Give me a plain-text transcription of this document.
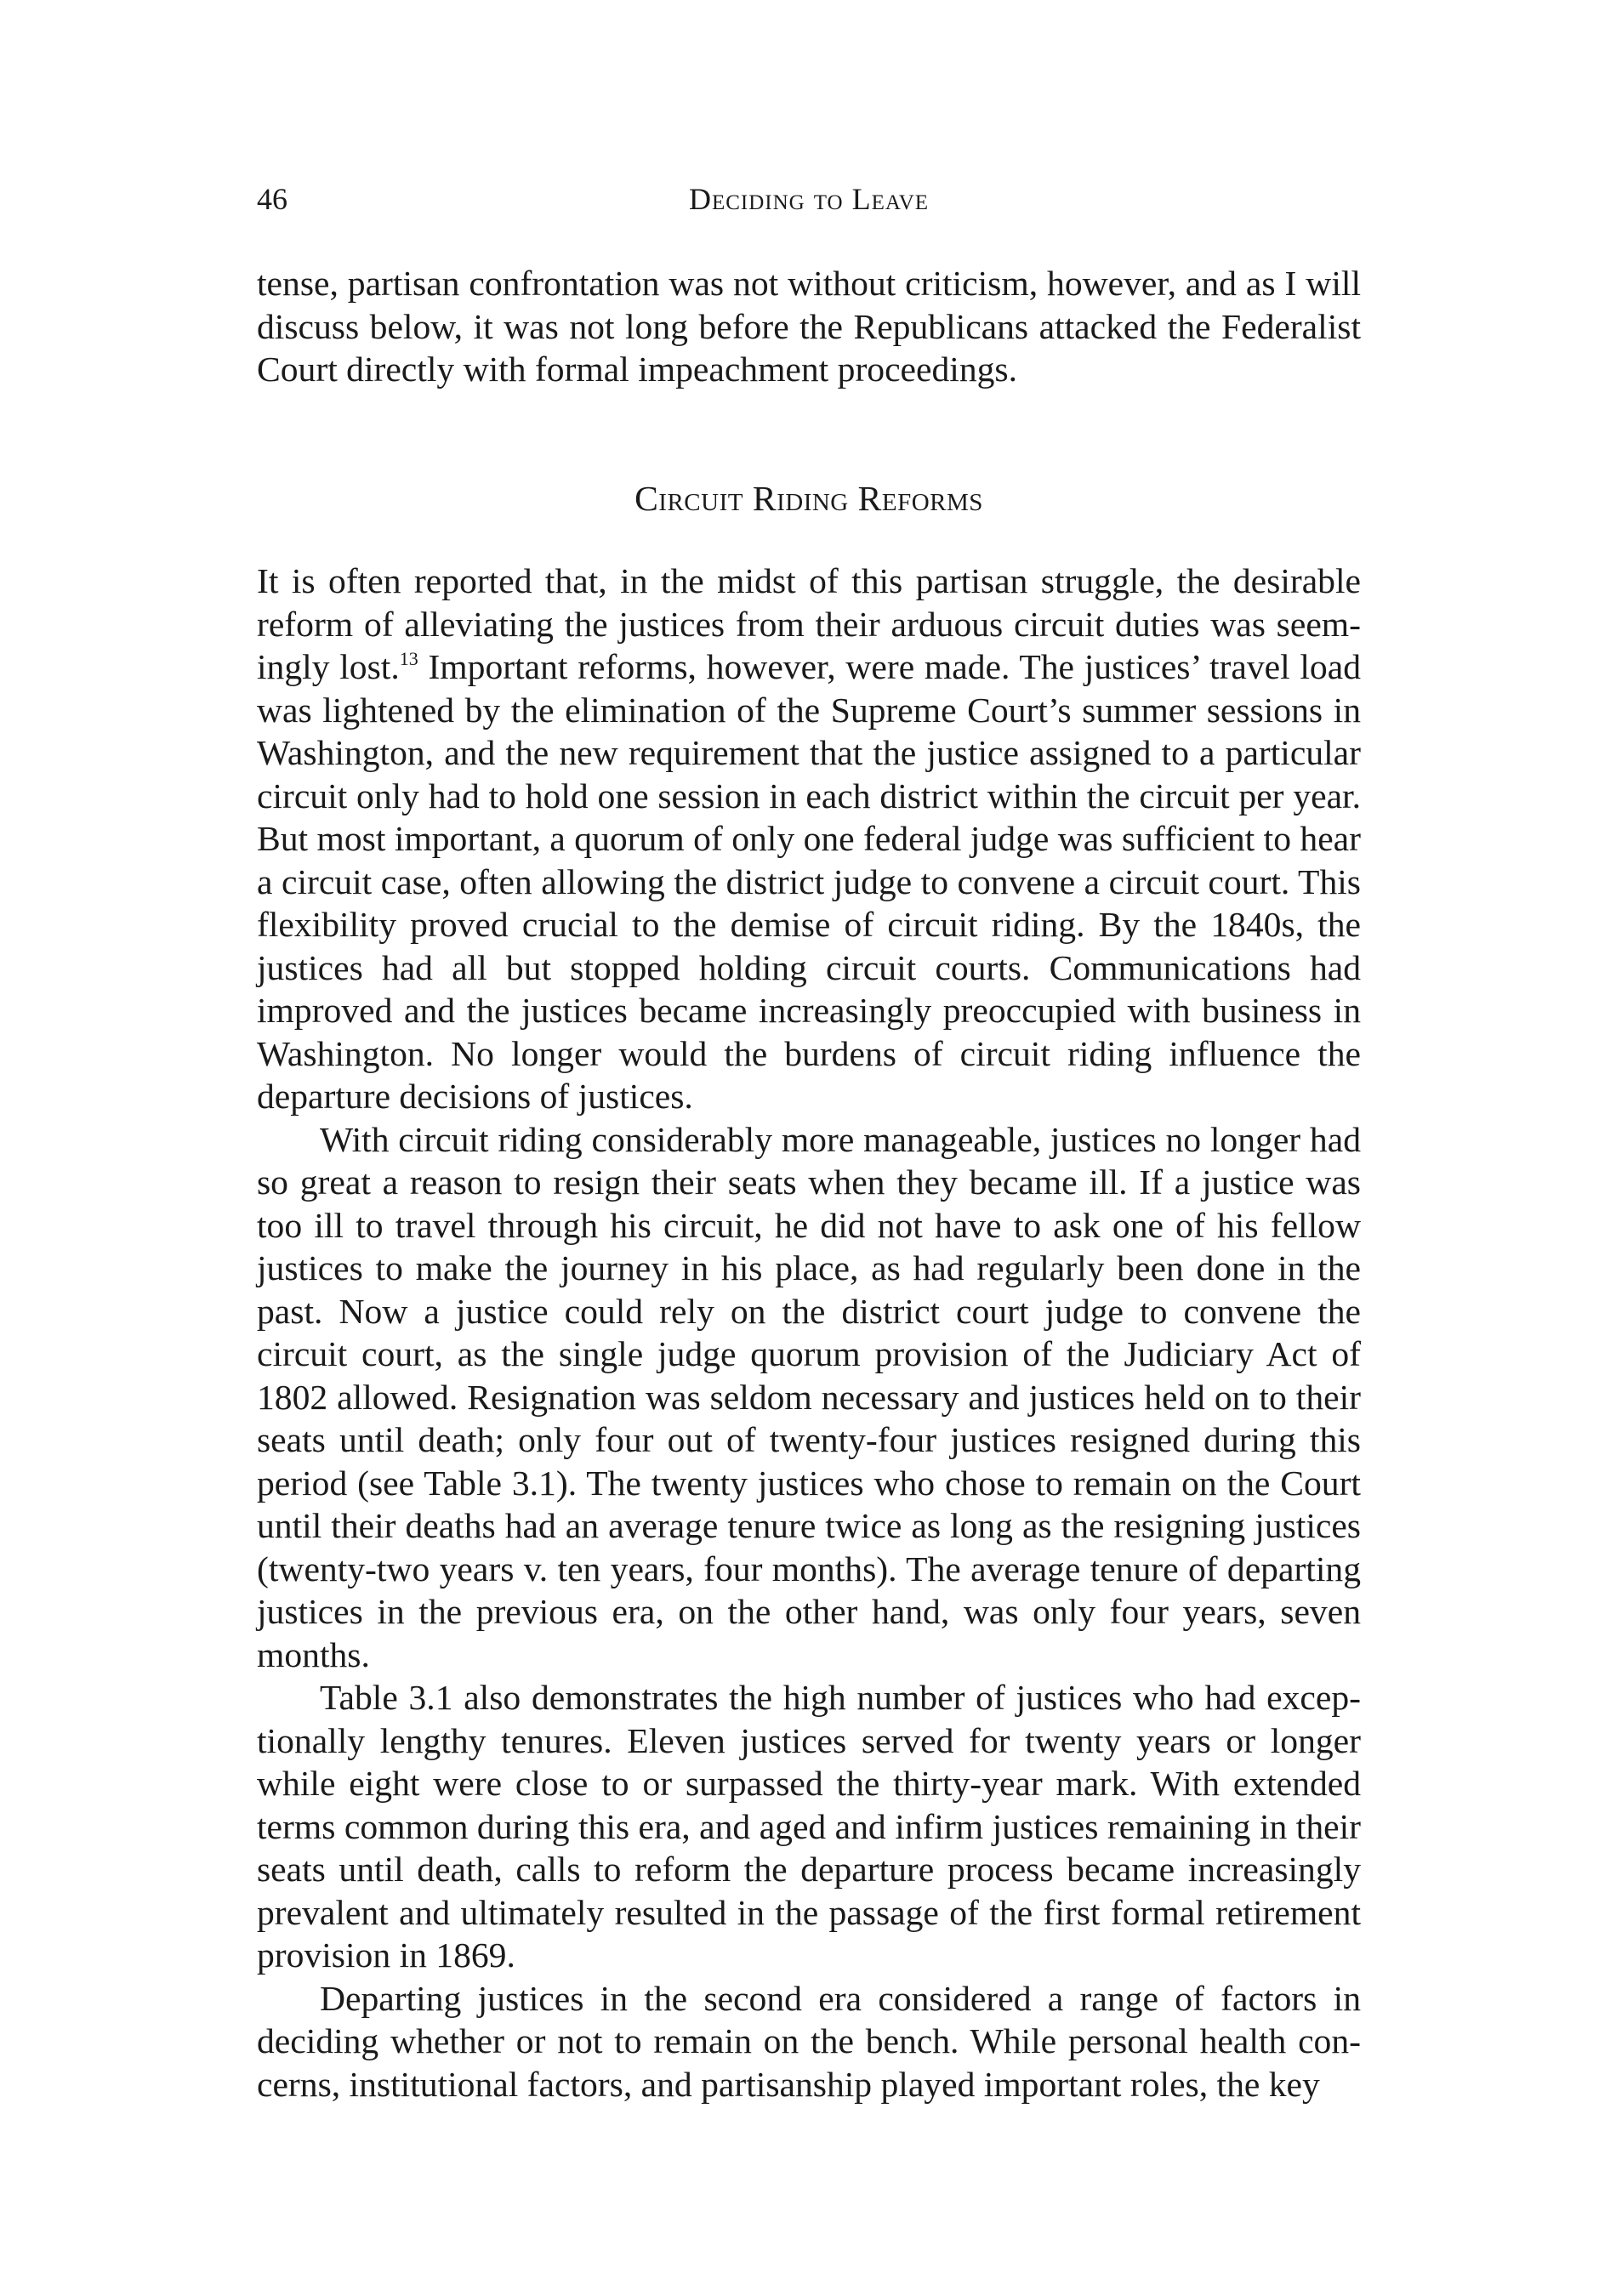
46	Deciding to Leave

tense, partisan confrontation was not without criticism, however, and as I will discuss below, it was not long before the Republicans attacked the Federalist Court directly with formal impeachment proceedings.

Circuit Riding Reforms

It is often reported that, in the midst of this partisan struggle, the desirable reform of alleviating the justices from their arduous circuit duties was seemingly lost.$^{13}$ Important reforms, however, were made. The justices’ travel load was lightened by the elimination of the Supreme Court’s summer sessions in Washington, and the new requirement that the justice assigned to a particular circuit only had to hold one session in each district within the circuit per year. But most important, a quorum of only one federal judge was sufficient to hear a circuit case, often allowing the district judge to convene a circuit court. This flexibility proved crucial to the demise of circuit riding. By the 1840s, the justices had all but stopped holding circuit courts. Communications had improved and the justices became increasingly preoccupied with business in Washington. No longer would the burdens of circuit riding influence the departure decisions of justices.

With circuit riding considerably more manageable, justices no longer had so great a reason to resign their seats when they became ill. If a justice was too ill to travel through his circuit, he did not have to ask one of his fellow justices to make the journey in his place, as had regularly been done in the past. Now a justice could rely on the district court judge to convene the circuit court, as the single judge quorum provision of the Judiciary Act of 1802 allowed. Resignation was seldom necessary and justices held on to their seats until death; only four out of twenty-four justices resigned during this period (see Table 3.1). The twenty justices who chose to remain on the Court until their deaths had an average tenure twice as long as the resigning justices (twenty-two years v. ten years, four months). The average tenure of departing justices in the previous era, on the other hand, was only four years, seven months.

Table 3.1 also demonstrates the high number of justices who had exceptionally lengthy tenures. Eleven justices served for twenty years or longer while eight were close to or surpassed the thirty-year mark. With extended terms common during this era, and aged and infirm justices remaining in their seats until death, calls to reform the departure process became increasingly prevalent and ultimately resulted in the passage of the first formal retirement provision in 1869.

Departing justices in the second era considered a range of factors in deciding whether or not to remain on the bench. While personal health concerns, institutional factors, and partisanship played important roles, the key
